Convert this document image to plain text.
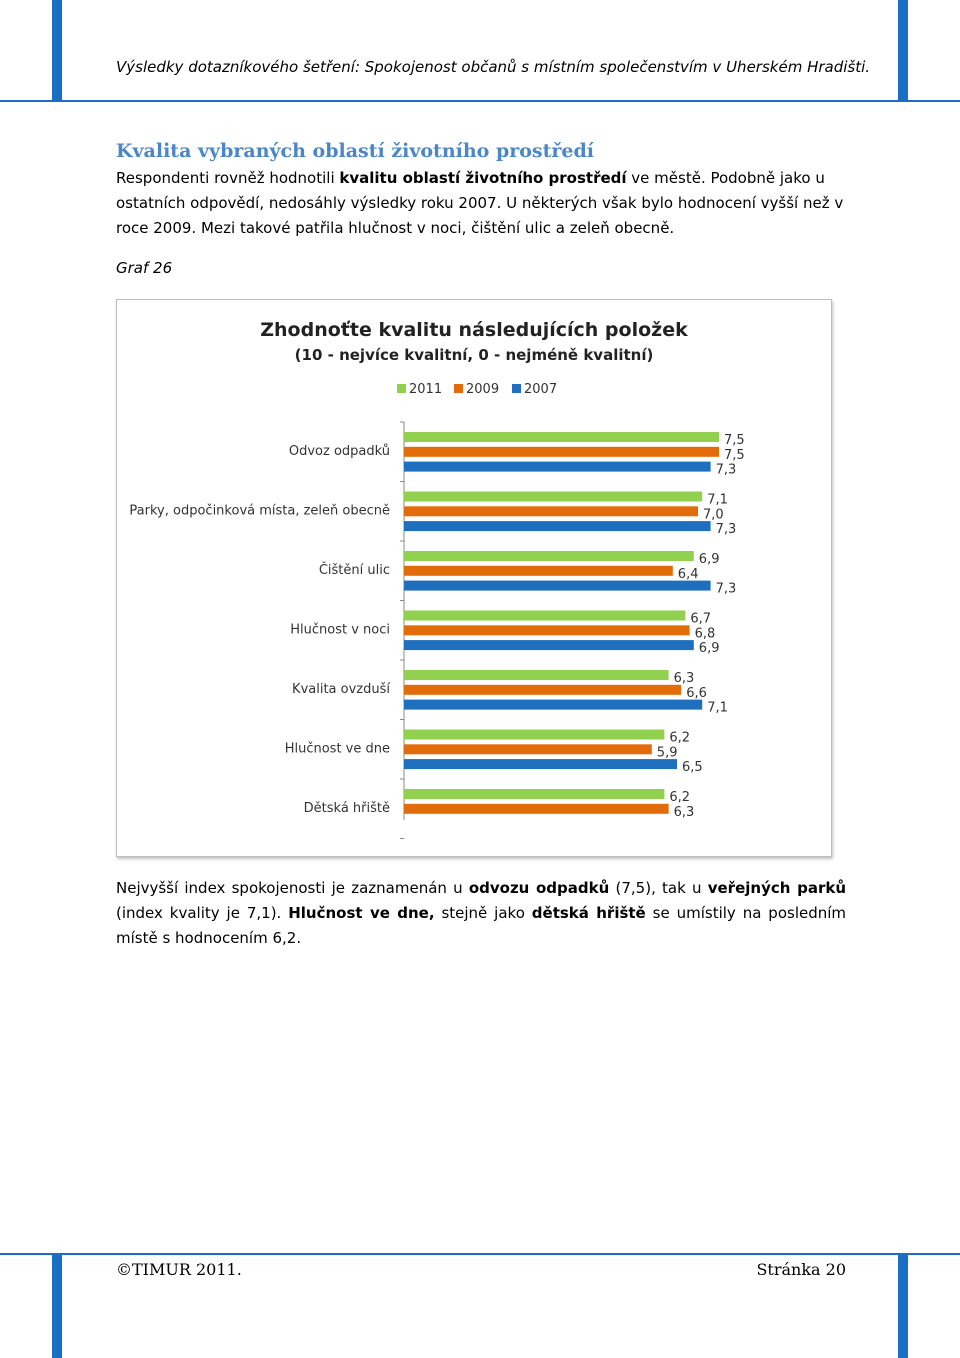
Výsledky dotazníkového šetření: Spokojenost občanů s místním společenstvím v Uherském Hradišti.
Kvalita vybraných oblastí životního prostředí
Respondenti rovněž hodnotili kvalitu oblastí životního prostředí ve městě. Podobně jako u ostatních odpovědí, nedosáhly výsledky roku 2007. U některých však bylo hodnocení vyšší než v roce 2009. Mezi takové patřila hlučnost v noci, čištění ulic a zeleň obecně.
Graf 26
Zhodnoťte kvalitu následujících položek
(10 - nejvíce kvalitní, 0 - nejméně kvalitní)
2011 2009 2007
Odvoz odpadků
Parky, odpočinková místa, zeleň obecně
Čištění ulic
Hlučnost v noci
Kvalita ovzduší
Hlučnost ve dne
Dětská hřiště
7,5
7,5
7,3
7,1
7,0
7,3
6,9
6,4
7,3
6,7
6,8
6,9
6,3
6,6
7,1
6,2
5,9
6,5
6,2
6,3
Nejvyšší index spokojenosti je zaznamenán u odvozu odpadků (7,5), tak u veřejných parků (index kvality je 7,1). Hlučnost ve dne, stejně jako dětská hřiště se umístily na posledním místě s hodnocením 6,2.
©TIMUR 2011.	Stránka 20
